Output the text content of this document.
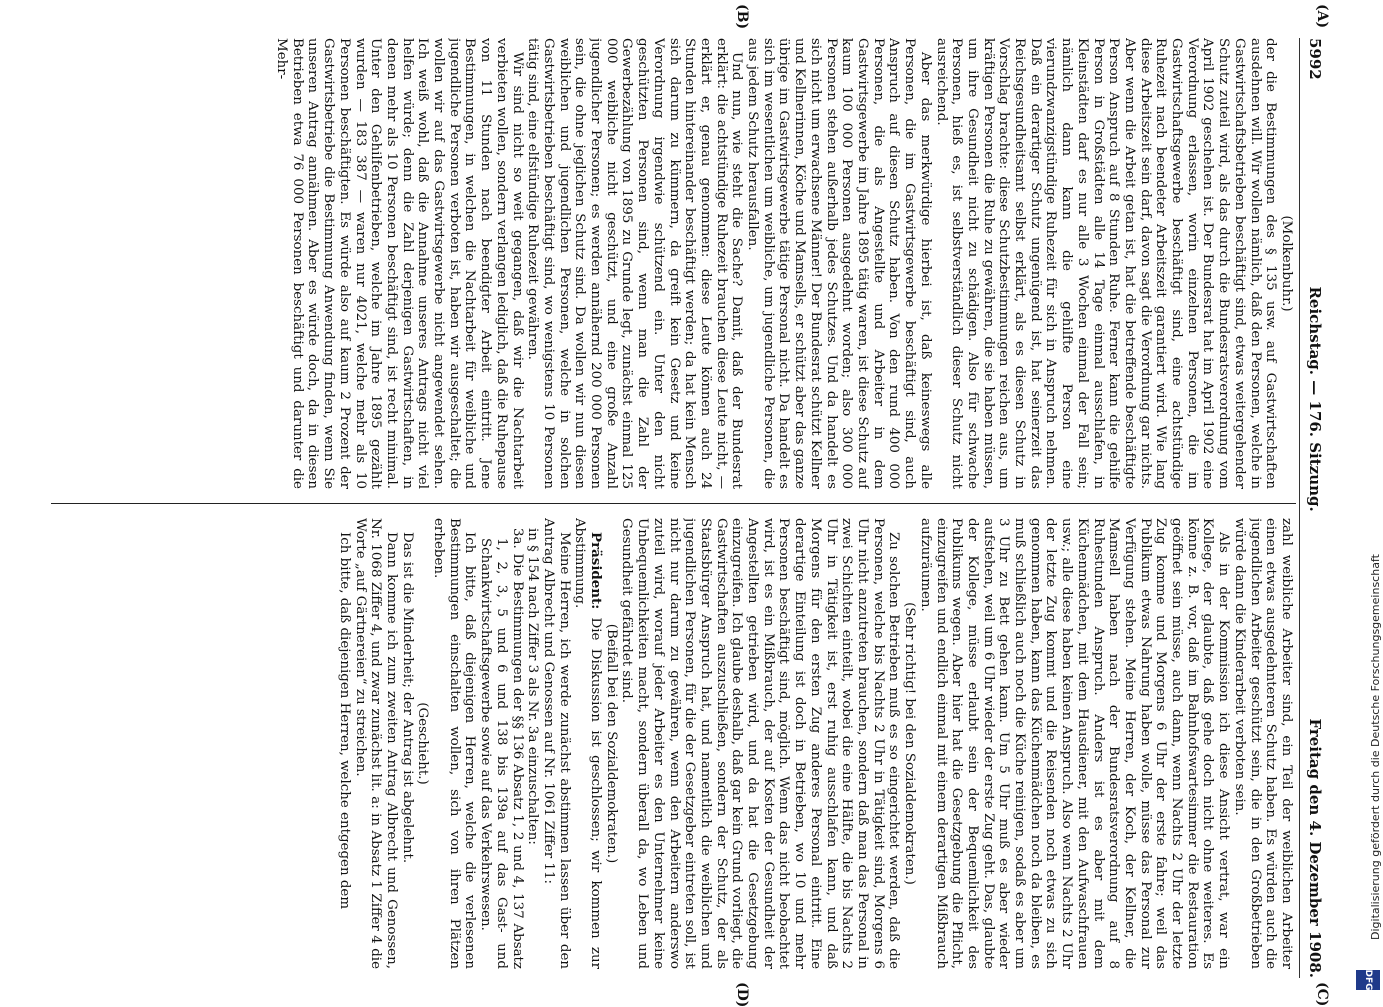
5992
Reichstag. — 176. Sitzung.
Freitag den 4. Dezember 1908.
(A)
(B)
(C)
(D)

(Molkenbuhr.)

der die Bestimmungen des § 135 usw. auf Gastwirtschaften ausdehnen will. Wir wollen nämlich, daß den Personen, welche in Gastwirtschaftsbetrieben beschäftigt sind, etwas weitergehender Schutz zuteil wird, als das durch die Bundesratsverordnung vom April 1902 geschehen ist. Der Bundesrat hat im April 1902 eine Verordnung erlassen, worin einzelnen Personen, die im Gastwirtschaftsgewerbe beschäftigt sind, eine achtstündige Ruhezeit nach beendeter Arbeitszeit garantiert wird. Wie lang diese Arbeitszeit sein darf, davon sagt die Verordnung gar nichts. Aber wenn die Arbeit getan ist, hat die betreffende beschäftigte Person Anspruch auf 8 Stunden Ruhe. Ferner kann die gehilfe Person in Großstädten alle 14 Tage einmal ausschlafen, in Kleinstädten darf es nur alle 3 Wochen einmal der Fall sein; nämlich dann kann die gehilfte Person eine vierundzwanzigstündige Ruhezeit für sich in Anspruch nehmen. Daß ein derartiger Schutz ungenügend ist, hat seinerzeit das Reichsgesundheitsamt selbst erklärt, als es diesen Schutz in Vorschlag brachte: diese Schutzbestimmungen reichen aus, um kräftigen Personen die Ruhe zu gewähren, die sie haben müssen, um ihre Gesundheit nicht zu schädigen. Also für schwache Personen, hieß es, ist selbstverständlich dieser Schutz nicht ausreichend.

Aber das merkwürdige hierbei ist, daß keineswegs alle Personen, die im Gastwirtsgewerbe beschäftigt sind, auch Anspruch auf diesen Schutz haben. Von den rund 400 000 Personen, die als Angestellte und Arbeiter in dem Gastwirtsgewerbe im Jahre 1895 tätig waren, ist diese Schutz auf kaum 100 000 Personen ausgedehnt worden; also 300 000 Personen stehen außerhalb jedes Schutzes. Und da handelt es sich nicht um erwachsene Männer! Der Bundesrat schützt Kellner und Kellnerinnen, Köche und Mamsells, er schützt aber das ganze übrige im Gastwirtsgewerbe tätige Personal nicht. Da handelt es sich im wesentlichen um weibliche, um jugendliche Personen, die aus jedem Schutz herausfallen.

Und nun, wie steht die Sache? Damit, daß der Bundesrat erklärt: die achtstündige Ruhezeit brauchen diese Leute nicht, — erklärt er, genau genommen: diese Leute können auch 24 Stunden hintereinander beschäftigt werden; da hat kein Mensch sich darum zu kümmern, da greift kein Gesetz und keine Verordnung irgendwie schützend ein. Unter den nicht geschützten Personen sind, wenn man die Zahl der Gewerbezählung von 1895 zu Grunde legt, zunächst einmal 125 000 weibliche nicht geschützt, und eine große Anzahl jugendlicher Personen; es werden annähernd 200 000 Personen sein, die ohne jeglichen Schutz sind. Da wollen wir nun diesen weiblichen und jugendlichen Personen, welche in solchen Gastwirtsbetrieben beschäftigt sind, wo wenigstens 10 Personen tätig sind, eine elfstündige Ruhezeit gewähren.

Wir sind nicht so weit gegangen, daß wir die Nachtarbeit verbieten wollen, sondern verlangen lediglich, daß die Ruhepause von 11 Stunden nach beendigter Arbeit eintritt. Jene Bestimmungen, in welchen die Nachtarbeit für weibliche und jugendliche Personen verboten ist, haben wir ausgeschaltet; die wollen wir auf das Gastwirtsgewerbe nicht angewendet sehen. Ich weiß wohl, daß die Annahme unseres Antrags nicht viel helfen würde; denn die Zahl derjenigen Gastwirtschaften, in denen mehr als 10 Personen beschäftigt sind, ist recht minimal. Unter den Gehilfenbetrieben, welche im Jahre 1895 gezählt wurden — 183 387 — waren nur 4021, welche mehr als 10 Personen beschäftigten. Es würde also auf kaum 2 Prozent der Gastwirtsbetriebe die Bestimmung Anwendung finden, wenn Sie unseren Antrag annähmen. Aber es würde doch, da in diesen Betrieben etwa 76 000 Personen beschäftigt und darunter die Mehr-

zahl weibliche Arbeiter sind, ein Teil der weiblichen Arbeiter einen etwas ausgedehnteren Schutz haben. Es würden auch die jugendlichen Arbeiter geschützt sein, die in den Großbetrieben würde dann die Kinderarbeit verboten sein.

Als in der Kommission ich diese Ansicht vertrat, war ein Kollege, der glaubte, daß gehe doch nicht ohne weiteres. Es könne z. B. vor, daß im Bahnhofswartesimmer die Restauration geöffnet sein müsse, auch dann, wenn Nachts 2 Uhr der letzte Zug komme und Morgens 6 Uhr der erste fahre; weil das Publikum etwas Nahrung haben wolle, müsse das Personal zur Verfügung stehen. Meine Herren, der Koch, der Kellner, die Mamsell haben nach der Bundesratsverordnung auf 8 Ruhestunden Anspruch. Anders ist es aber mit dem Küchenmädchen, mit dem Hausdiener, mit den Aufwaschfrauen usw.; alle diese haben keinen Anspruch. Also wenn Nachts 2 Uhr der letzte Zug kommt und die Reisenden noch etwas zu sich genommen haben, kann das Küchenmädchen noch da bleiben, es muß schließlich auch noch die Küche reinigen, sodaß es aber um 3 Uhr zu Bett gehen kann. Um 5 Uhr muß es aber wieder aufstehen, weil um 6 Uhr wieder der erste Zug geht. Das, glaubte der Kollege, müsse erlaubt sein der Bequemlichkeit des Publikums wegen. Aber hier hat die Gesetzgebung die Pflicht, einzugreifen und endlich einmal mit einem derartigen Mißbrauch aufzuräumen.

(Sehr richtig! bei den Sozialdemokraten.)

Zu solchen Betrieben muß es so eingerichtet werden, daß die Personen, welche bis Nachts 2 Uhr in Tätigkeit sind, Morgens 6 Uhr nicht anzutreten brauchen, sondern daß man das Personal in zwei Schichten einteilt, wobei die eine Hälfte, die bis Nachts 2 Uhr in Tätigkeit ist, erst ruhig ausschlafen kann, und daß Morgens für den ersten Zug anderes Personal eintritt. Eine derartige Einteilung ist doch in Betrieben, wo 10 und mehr Personen beschäftigt sind, möglich. Wenn das nicht beobachtet wird, ist es ein Mißbrauch, der auf Kosten der Gesundheit der Angestellten getrieben wird, und da hat die Gesetzgebung einzugreifen. Ich glaube deshalb, daß gar kein Grund vorliegt, die Gastwirtschaften auszuschließen, sondern der Schutz, der als Staatsbürger Anspruch hat, und namentlich die weiblichen und jugendlichen Personen, für die der Gesetzgeber eintreten soll, ist nicht nur darum zu gewähren, wenn den Arbeitern anderswo zuteil wird, worauf jeder Arbeiter es den Unternehmer keine Unbequemlichkeiten macht, sondern überall da, wo Leben und Gesundheit gefährdet sind.

(Beifall bei den Sozialdemokraten.)

Präsident: Die Diskussion ist geschlossen; wir kommen zur Abstimmung.

Meine Herren, ich werde zunächst abstimmen lassen über den Antrag Albrecht und Genossen auf Nr. 1061 Ziffer 11:

in § 154 nach Ziffer 3 als Nr. 3a einzuschalten:

3a. Die Bestimmungen der §§ 136 Absatz 1, 2 und 4, 137 Absatz 1, 2, 3, 5 und 6 und 138 bis 139a auf das Gast- und Schankwirtschaftsgewerbe sowie auf das Verkehrswesen.

Ich bitte, daß diejenigen Herren, welche die verlesenen Bestimmungen einschalten wollen, sich von ihren Plätzen erheben.

(Geschieht.)

Das ist die Minderheit; der Antrag ist abgelehnt.

Dann komme ich zum zweiten Antrag Albrecht und Genossen, Nr. 1068 Ziffer 4, und zwar zunächst lit. a: in Absatz 1 Ziffer 4 die Worte „auf Gärtnereien“ zu streichen.

Ich bitte, daß diejenigen Herren, welche entgegen dem	Digitalisierung gefördert durch die Deutsche Forschungsgemeinschaft
DFG
